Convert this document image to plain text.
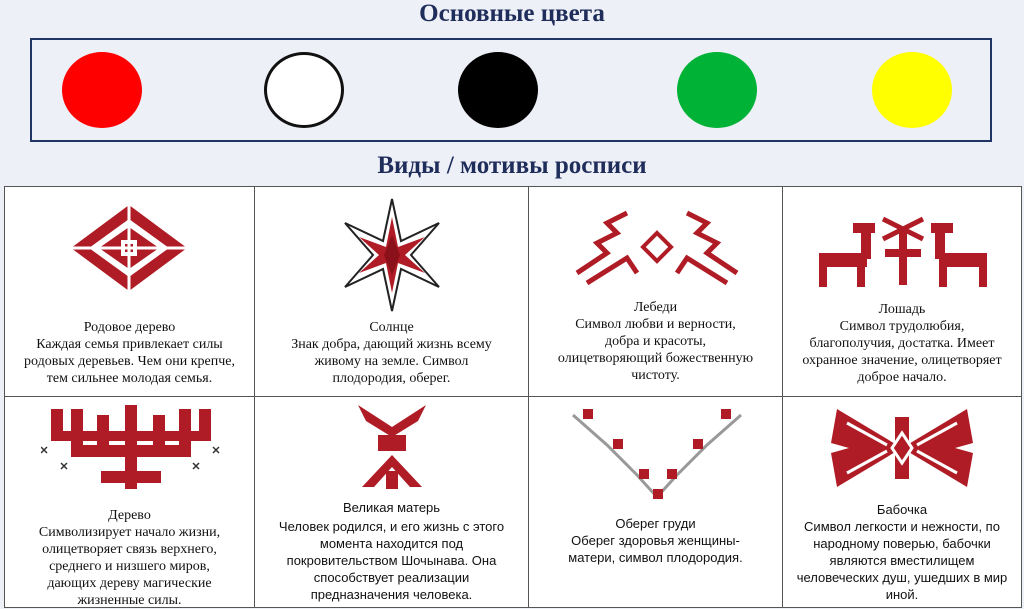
Основные цвета
Виды / мотивы росписи
Родовое дерево
Каждая семья привлекает силы
родовых деревьев. Чем они крепче,
тем сильнее молодая семья.
Солнце
Знак добра, дающий жизнь всему
живому на земле. Символ
плодородия, оберег.
Лебеди
Символ любви и верности,
добра и красоты,
олицетворяющий божественную
чистоту.
Лошадь
Символ трудолюбия,
благополучия, достатка. Имеет
охранное значение, олицетворяет
доброе начало.
Дерево
Символизирует начало жизни,
олицетворяет связь верхнего,
среднего и низшего миров,
дающих дереву магические
жизненные силы.
Великая матерь
Человек родился, и его жизнь с этого
момента находится под
покровительством Шочынава. Она
способствует реализации
предназначения человека.
Оберег груди
Оберег здоровья женщины-
матери, символ плодородия.
Бабочка
Символ легкости и нежности, по
народному поверью, бабочки
являются вместилищем
человеческих душ, ушедших в мир
иной.
